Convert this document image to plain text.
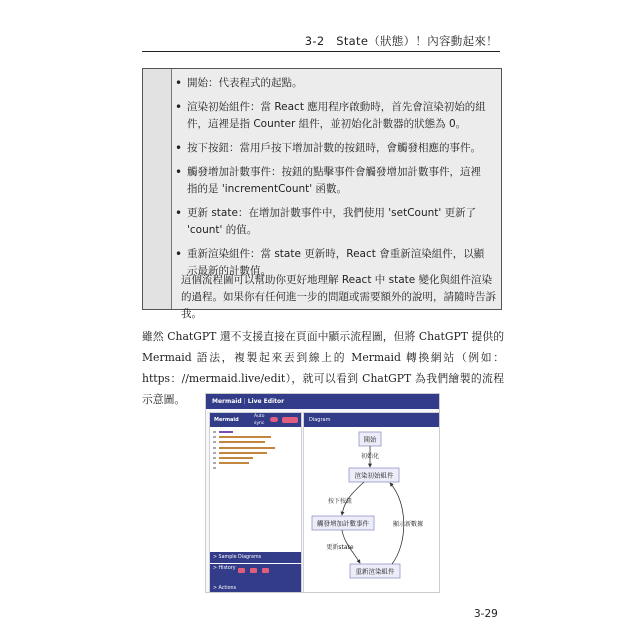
3-2　State（狀態）！內容動起來！
• 開始：代表程式的起點。
• 渲染初始組件：當 React 應用程序啟動時，首先會渲染初始的組件，這裡是指 Counter 組件，並初始化計數器的狀態為 0。
• 按下按鈕：當用戶按下增加計數的按鈕時，會觸發相應的事件。
• 觸發增加計數事件：按鈕的點擊事件會觸發增加計數事件，這裡指的是 'incrementCount' 函數。
• 更新 state：在增加計數事件中，我們使用 'setCount' 更新了 'count' 的值。
• 重新渲染組件：當 state 更新時，React 會重新渲染組件，以顯示最新的計數值。
這個流程圖可以幫助你更好地理解 React 中 state 變化與組件渲染的過程。如果你有任何進一步的問題或需要額外的說明，請隨時告訴我。
雖然 ChatGPT 還不支援直接在頁面中顯示流程圖，但將 ChatGPT 提供的 Mermaid 語法，複製起來丟到線上的 Mermaid 轉換網站（例如：https：//mermaid.live/edit），就可以看到 ChatGPT 為我們繪製的流程示意圖。	Mermaid | Live Editor
Mermaid
Auto sync
> Sample Diagrams
> History
> Actions
Diagram
開始
初始化
渲染初始組件
按下按鈕
觸發增加計數事件
更新state
重新渲染組件
顯示新數據
3-29
